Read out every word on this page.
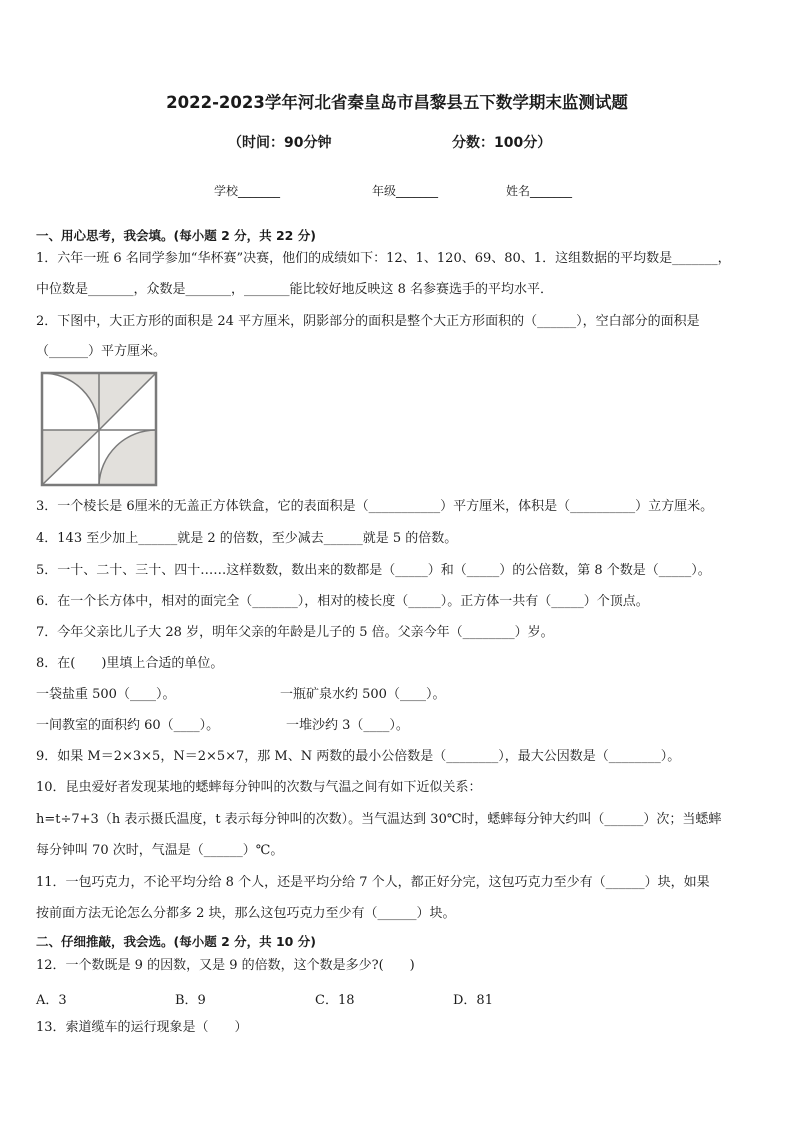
2022-2023学年河北省秦皇岛市昌黎县五下数学期末监测试题

（时间：90分钟

	分数：100分）

学校_______	年级_______	姓名_______
一、用心思考，我会填。(每小题 2 分，共 22 分)
1．六年一班 6 名同学参加“华杯赛”决赛，他们的成绩如下：12、1、120、69、80、1．这组数据的平均数是_______，
中位数是_______，众数是_______，_______能比较好地反映这 8 名参赛选手的平均水平．
2．下图中，大正方形的面积是 24 平方厘米，阴影部分的面积是整个大正方形面积的（______），空白部分的面积是
（______）平方厘米。
3．一个棱长是 6厘米的无盖正方体铁盒，它的表面积是（___________）平方厘米，体积是（__________）立方厘米。
4．143 至少加上______就是 2 的倍数，至少减去______就是 5 的倍数。
5．一十、二十、三十、四十……这样数数，数出来的数都是（_____）和（_____）的公倍数，第 8 个数是（_____）。
6．在一个长方体中，相对的面完全（_______），相对的棱长度（_____）。正方体一共有（_____）个顶点。
7．今年父亲比儿子大 28 岁，明年父亲的年龄是儿子的 5 倍。父亲今年（________）岁。
8．在(　　)里填上合适的单位。
一袋盐重 500（____）。	一瓶矿泉水约 500（____）。
一间教室的面积约 60（____）。	一堆沙约 3（____）。
9．如果 M＝2×3×5，N＝2×5×7，那 M、N 两数的最小公倍数是（________），最大公因数是（________）。
10．昆虫爱好者发现某地的蟋蟀每分钟叫的次数与气温之间有如下近似关系：
h=t÷7+3（h 表示摄氏温度，t 表示每分钟叫的次数）。当气温达到 30℃时，蟋蟀每分钟大约叫（______）次；当蟋蟀
每分钟叫 70 次时，气温是（______）℃。
11．一包巧克力，不论平均分给 8 个人，还是平均分给 7 个人，都正好分完，这包巧克力至少有（______）块，如果
按前面方法无论怎么分都多 2 块，那么这包巧克力至少有（______）块。
二、仔细推敲，我会选。(每小题 2 分，共 10 分)
12．一个数既是 9 的因数，又是 9 的倍数，这个数是多少?(　　)
A．3	B．9	C．18	D．81
13．索道缆车的运行现象是（　　）
